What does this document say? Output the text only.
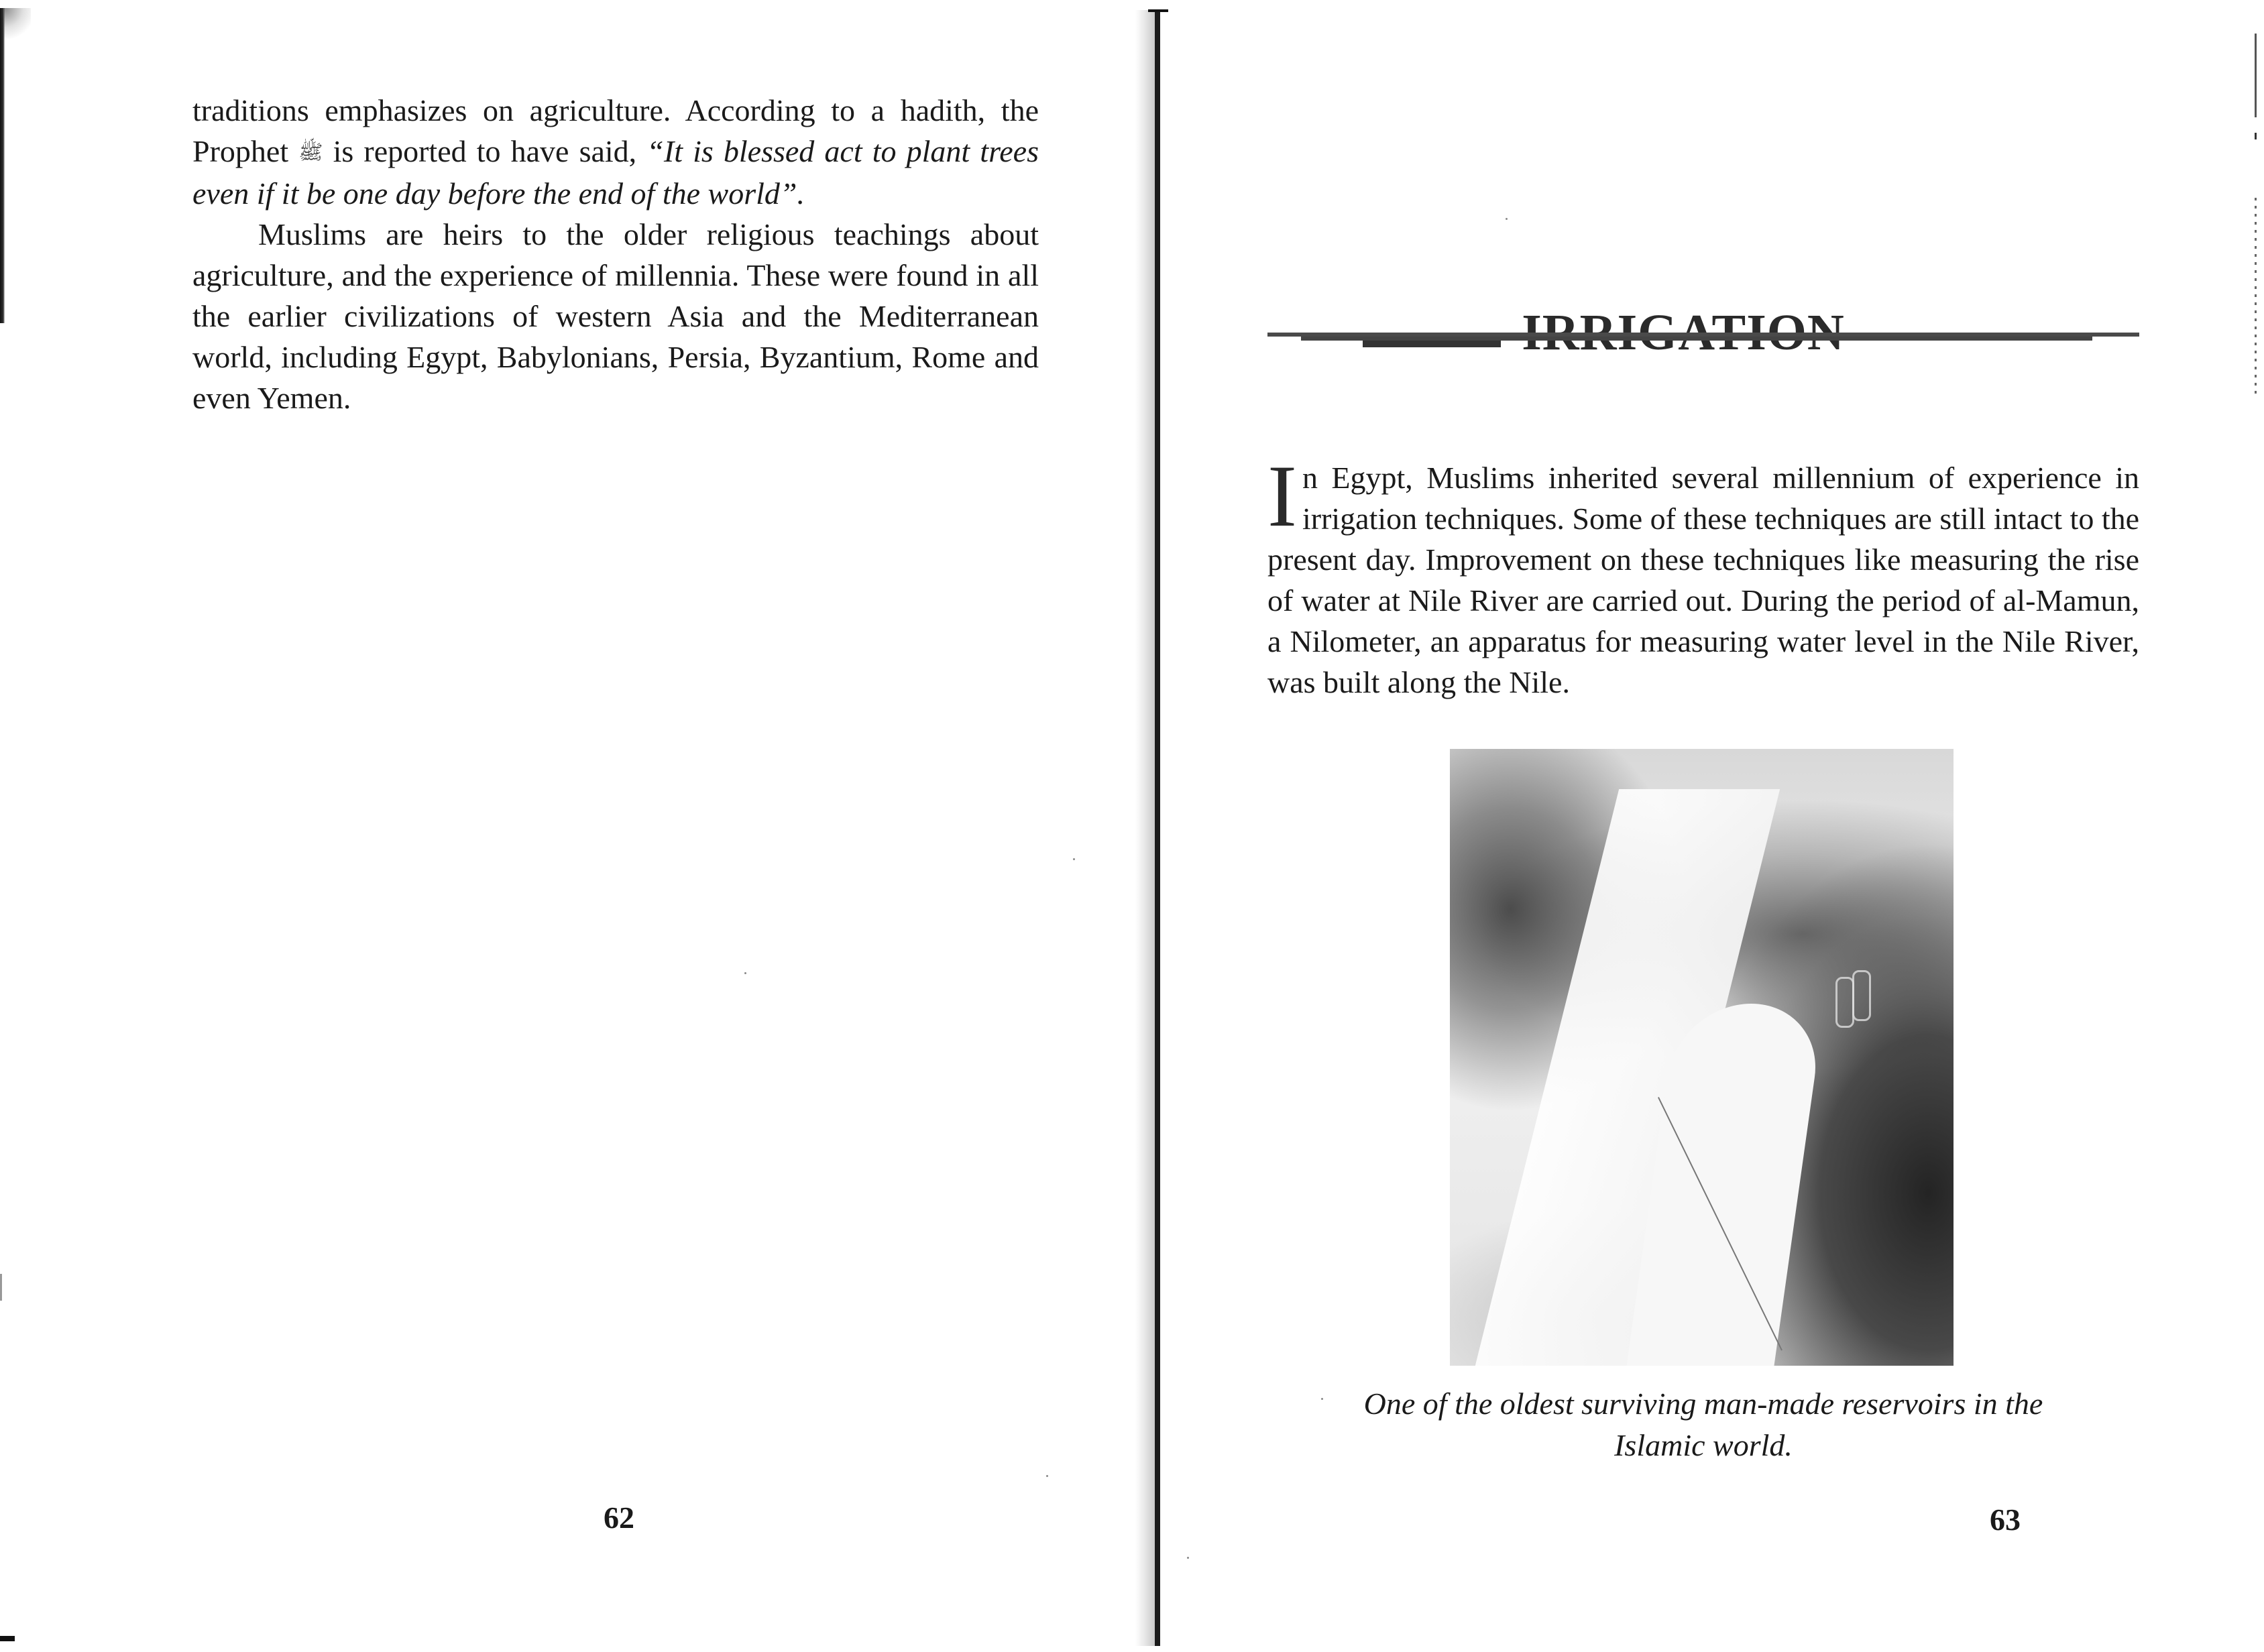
traditions emphasizes on agriculture. According to a hadith, the Prophet ﷺ is reported to have said, “It is blessed act to plant trees even if it be one day before the end of the world”.

Muslims are heirs to the older religious teachings about agriculture, and the experience of millennia. These were found in all the earlier civilizations of western Asia and the Mediterranean world, including Egypt, Babylonians, Persia, Byzantium, Rome and even Yemen.

62

In Egypt, Muslims inherited several millennium of experience in irrigation techniques. Some of these techniques are still intact to the present day. Improvement on these techniques like measuring the rise of water at Nile River are carried out. During the period of al-Mamun, a Nilometer, an apparatus for measuring water level in the Nile River, was built along the Nile.

One of the oldest surviving man-made reservoirs in the Islamic world.
63
